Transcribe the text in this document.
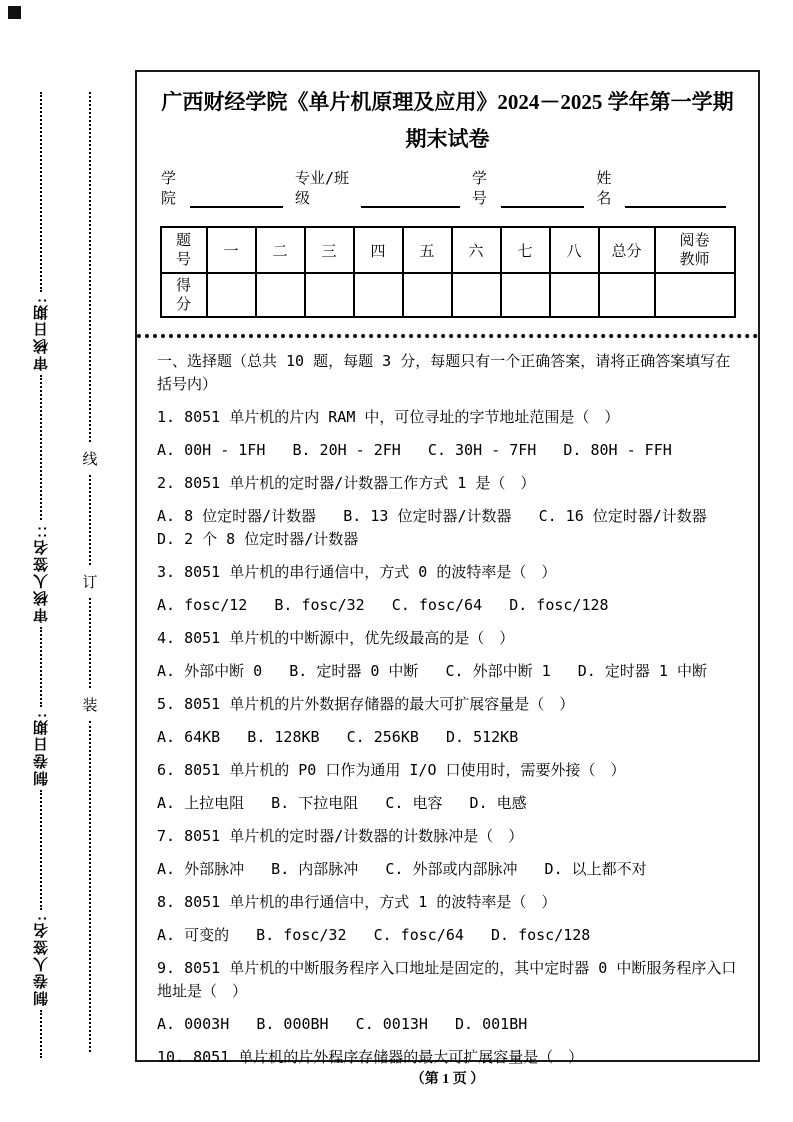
审核日期:
审核人签名::
制卷日期:
制卷人签名:
线
订
装
广西财经学院《单片机原理及应用》2024－2025 学年第一学期期末试卷
学院
专业/班级
学号
姓名
题号	一	二	三	四	五	六	七	八	总分	阅卷教师
得分										

一、选择题（总共 10 题，每题 3 分，每题只有一个正确答案，请将正确答案填写在括号内）

1. 8051 单片机的片内 RAM 中，可位寻址的字节地址范围是（　）

A. 00H - 1FH   B. 20H - 2FH   C. 30H - 7FH   D. 80H - FFH

2. 8051 单片机的定时器/计数器工作方式 1 是（　）

A. 8 位定时器/计数器   B. 13 位定时器/计数器   C. 16 位定时器/计数器   D. 2 个 8 位定时器/计数器

3. 8051 单片机的串行通信中，方式 0 的波特率是（　）

A. fosc/12   B. fosc/32   C. fosc/64   D. fosc/128

4. 8051 单片机的中断源中，优先级最高的是（　）

A. 外部中断 0   B. 定时器 0 中断   C. 外部中断 1   D. 定时器 1 中断

5. 8051 单片机的片外数据存储器的最大可扩展容量是（　）

A. 64KB   B. 128KB   C. 256KB   D. 512KB

6. 8051 单片机的 P0 口作为通用 I/O 口使用时，需要外接（　）

A. 上拉电阻   B. 下拉电阻   C. 电容   D. 电感

7. 8051 单片机的定时器/计数器的计数脉冲是（　）

A. 外部脉冲   B. 内部脉冲   C. 外部或内部脉冲   D. 以上都不对

8. 8051 单片机的串行通信中，方式 1 的波特率是（　）

A. 可变的   B. fosc/32   C. fosc/64   D. fosc/128

9. 8051 单片机的中断服务程序入口地址是固定的，其中定时器 0 中断服务程序入口地址是（　）

A. 0003H   B. 000BH   C. 0013H   D. 001BH

10. 8051 单片机的片外程序存储器的最大可扩展容量是（　）

（第 1 页 ）
